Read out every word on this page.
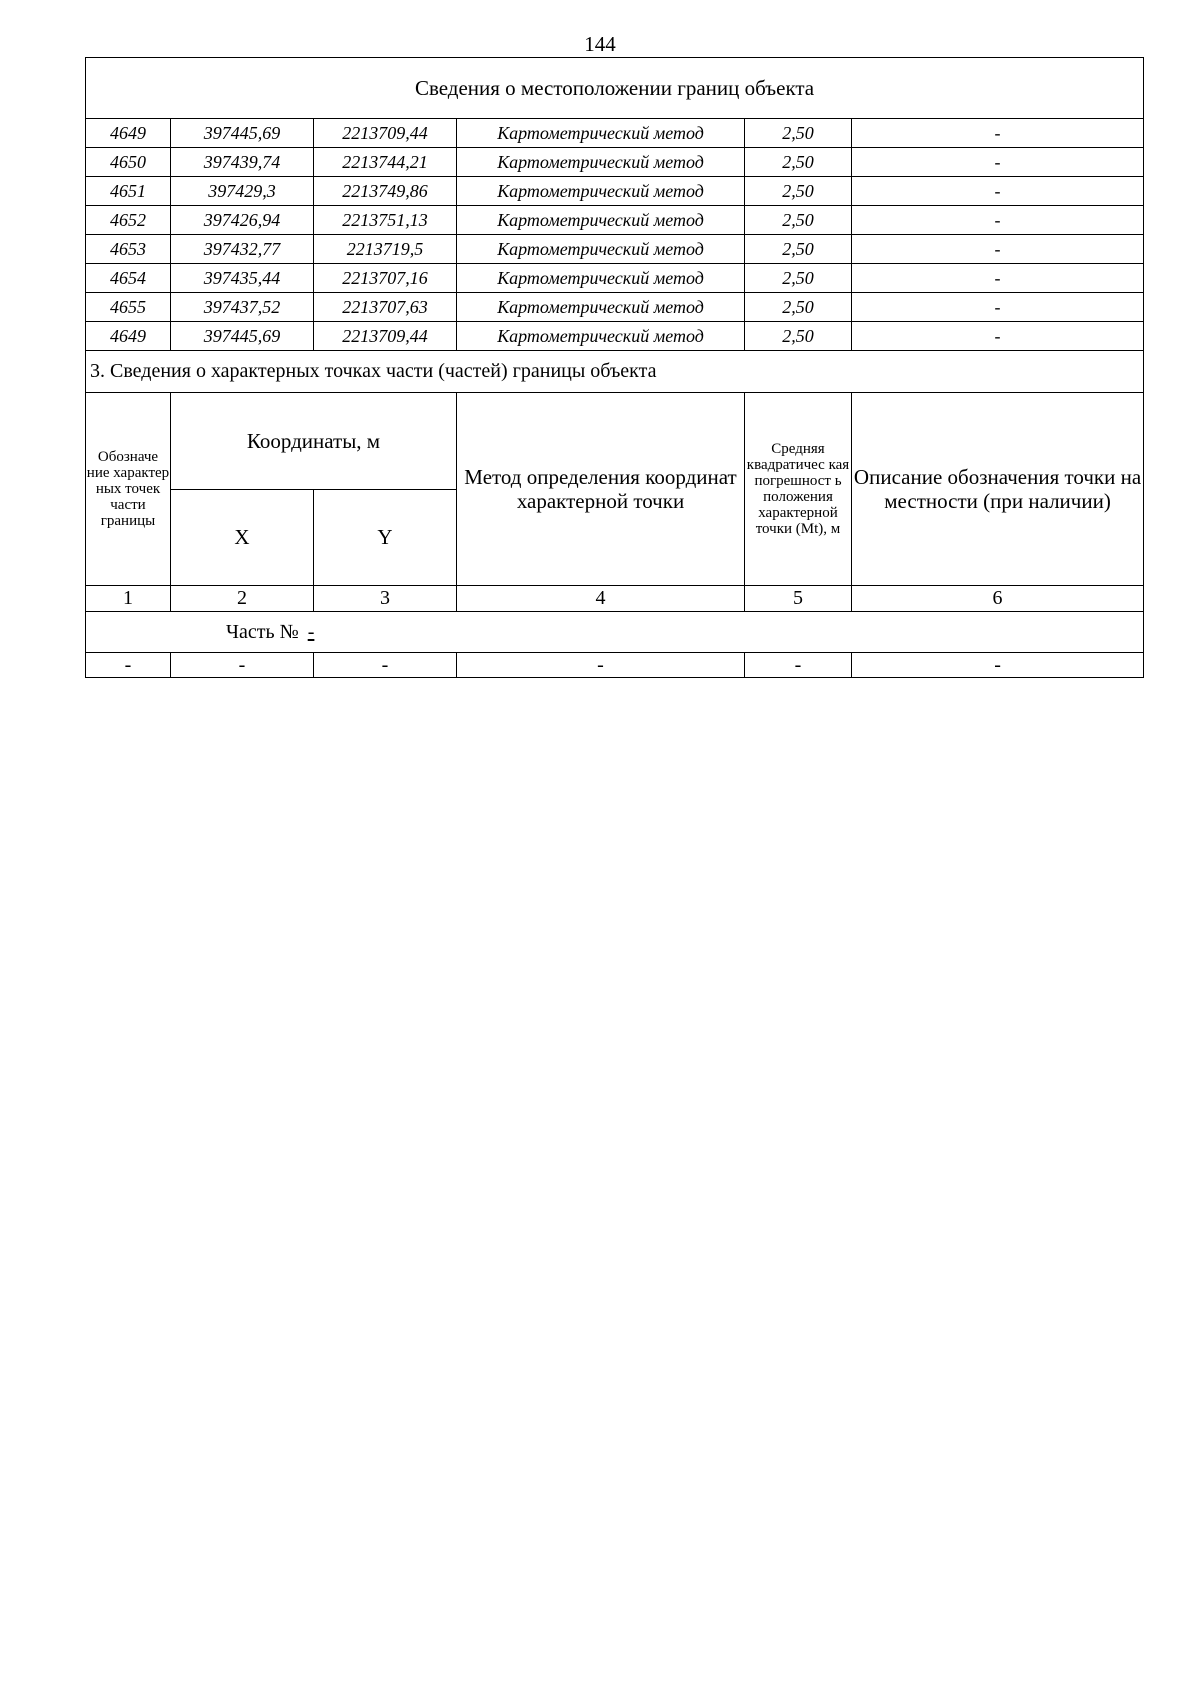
144
Сведения о местоположении границ объекта					
4649	397445,69	2213709,44	Картометрический метод	2,50	-
4650	397439,74	2213744,21	Картометрический метод	2,50	-
4651	397429,3	2213749,86	Картометрический метод	2,50	-
4652	397426,94	2213751,13	Картометрический метод	2,50	-
4653	397432,77	2213719,5	Картометрический метод	2,50	-
4654	397435,44	2213707,16	Картометрический метод	2,50	-
4655	397437,52	2213707,63	Картометрический метод	2,50	-
4649	397445,69	2213709,44	Картометрический метод	2,50	-
3. Сведения о характерных точках части (частей) границы объекта					
Обозначе ние характер ных точек части границы	Координаты, м		Метод определения координат характерной точки	Средняя квадратичес кая погрешност ь положения характерной точки (Mt), м	Описание обозначения точки на местности (при наличии)
	X	Y			
1	2	3	4	5	6
Часть № -					
-	-	-	-	-	-
